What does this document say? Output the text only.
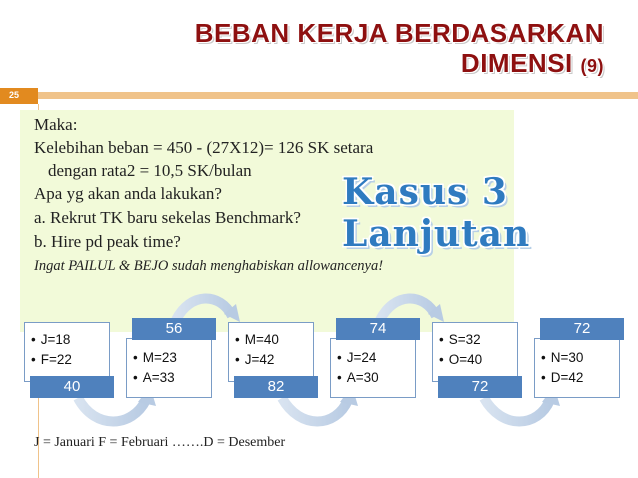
BEBAN KERJA BERDASARKAN
DIMENSI (9)
25
Maka:
Kelebihan beban = 450 - (27X12)= 126 SK setara
dengan rata2 = 10,5 SK/bulan
Apa yg akan anda lakukan?
a. Rekrut TK baru sekelas Benchmark?
b. Hire pd peak time?
Ingat PAILUL & BEJO sudah menghabiskan allowancenya!
Kasus 3 Lanjutan
• J=18
• F=22
40
• M=23
• A=33
56
• M=40
• J=42
82
• J=24
• A=30
74
• S=32
• O=40
72
• N=30
• D=42
72
J = Januari F = Februari …….D = Desember
